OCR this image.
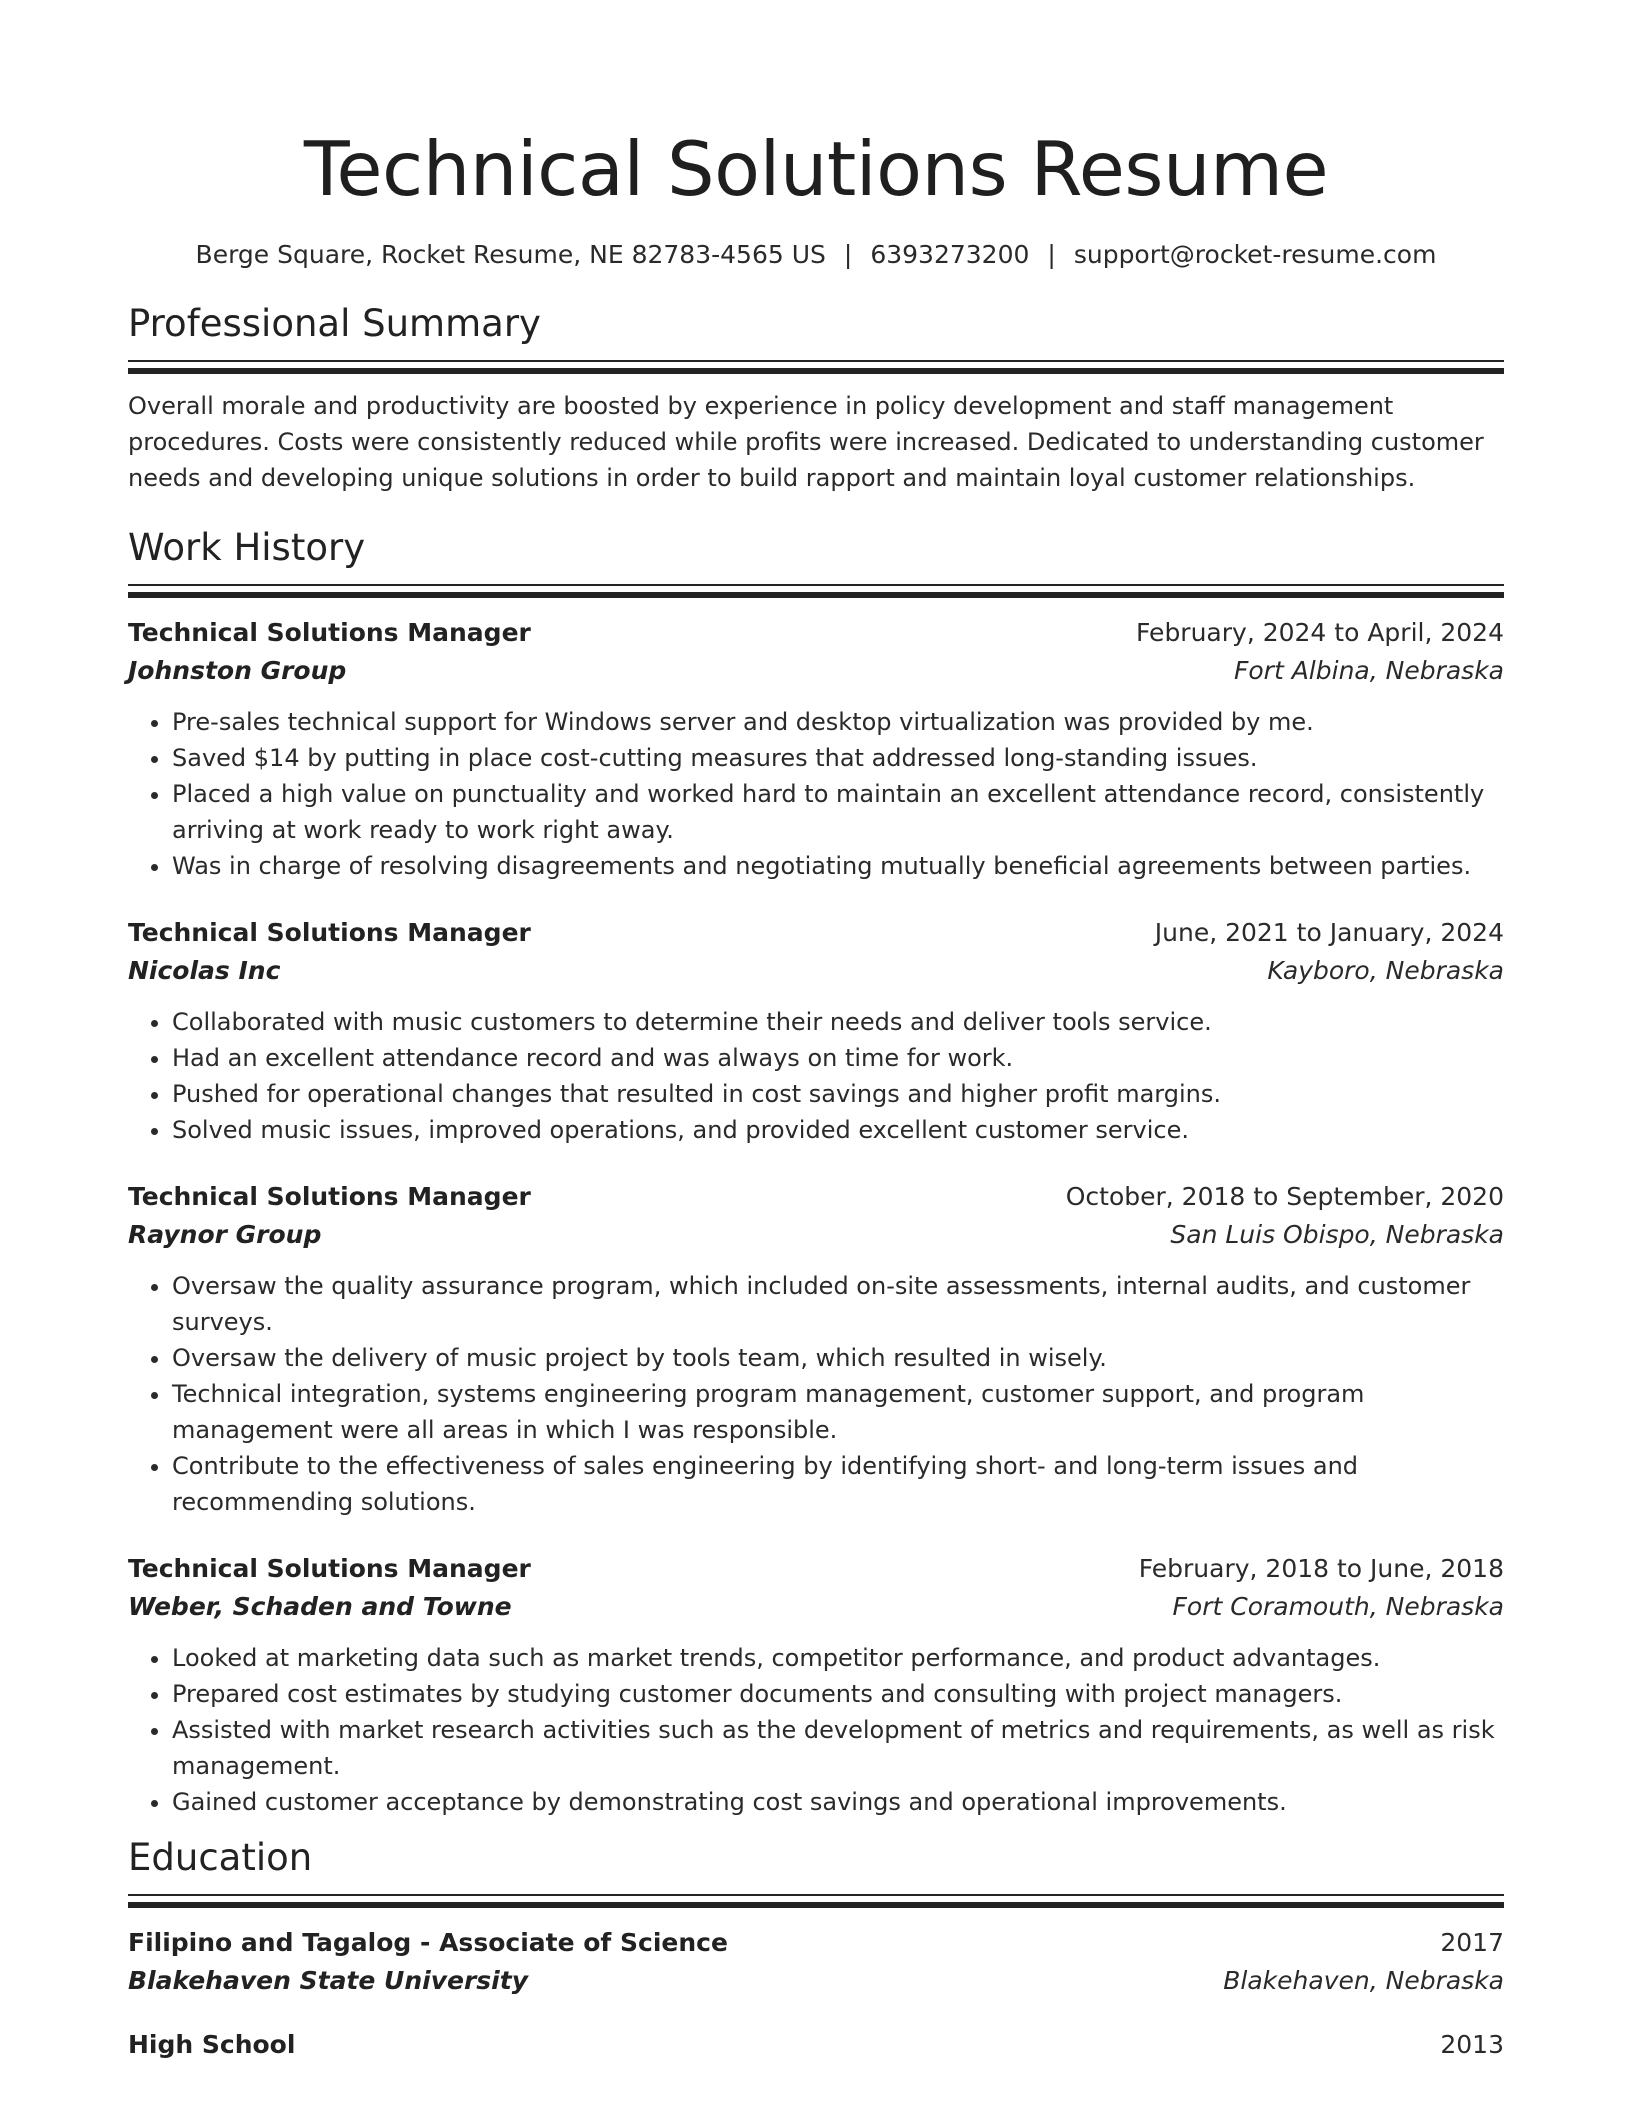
Technical Solutions Resume
Berge Square, Rocket Resume, NE 82783-4565 US | 6393273200 | support@rocket-resume.com
Professional Summary
Overall morale and productivity are boosted by experience in policy development and staff management procedures. Costs were consistently reduced while profits were increased. Dedicated to understanding customer needs and developing unique solutions in order to build rapport and maintain loyal customer relationships.
Work History
Technical Solutions Manager	February, 2024 to April, 2024
Johnston Group	Fort Albina, Nebraska
• Pre-sales technical support for Windows server and desktop virtualization was provided by me.
• Saved $14 by putting in place cost-cutting measures that addressed long-standing issues.
• Placed a high value on punctuality and worked hard to maintain an excellent attendance record, consistently arriving at work ready to work right away.
• Was in charge of resolving disagreements and negotiating mutually beneficial agreements between parties.
Technical Solutions Manager	June, 2021 to January, 2024
Nicolas Inc	Kayboro, Nebraska
• Collaborated with music customers to determine their needs and deliver tools service.
• Had an excellent attendance record and was always on time for work.
• Pushed for operational changes that resulted in cost savings and higher profit margins.
• Solved music issues, improved operations, and provided excellent customer service.
Technical Solutions Manager	October, 2018 to September, 2020
Raynor Group	San Luis Obispo, Nebraska
• Oversaw the quality assurance program, which included on-site assessments, internal audits, and customer surveys.
• Oversaw the delivery of music project by tools team, which resulted in wisely.
• Technical integration, systems engineering program management, customer support, and program management were all areas in which I was responsible.
• Contribute to the effectiveness of sales engineering by identifying short- and long-term issues and recommending solutions.
Technical Solutions Manager	February, 2018 to June, 2018
Weber, Schaden and Towne	Fort Coramouth, Nebraska
• Looked at marketing data such as market trends, competitor performance, and product advantages.
• Prepared cost estimates by studying customer documents and consulting with project managers.
• Assisted with market research activities such as the development of metrics and requirements, as well as risk management.
• Gained customer acceptance by demonstrating cost savings and operational improvements.
Education
Filipino and Tagalog - Associate of Science	2017
Blakehaven State University	Blakehaven, Nebraska
High School	2013
